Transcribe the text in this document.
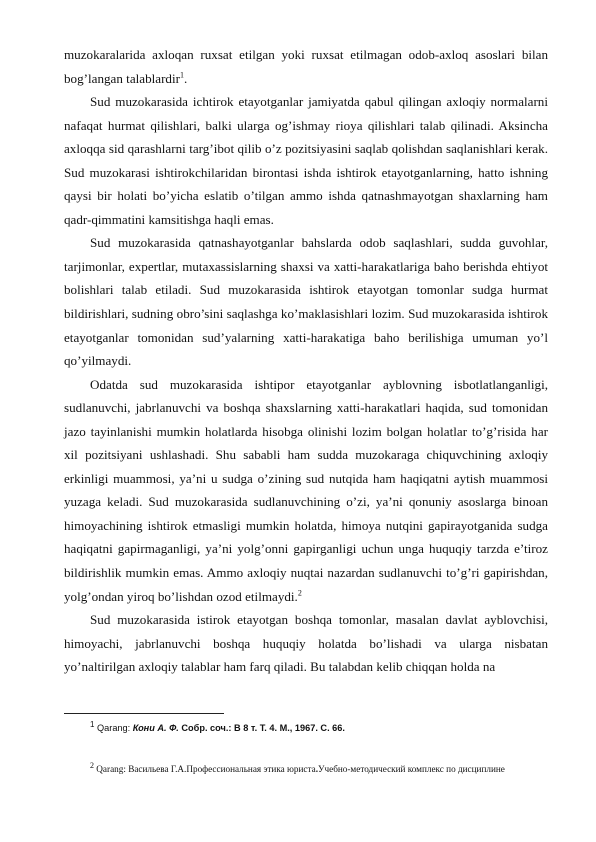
muzokaralarida axloqan ruxsat etilgan yoki ruxsat etilmagan odob-axloq asoslari bilan bog’langan talablardir$^1$.

Sud muzokarasida ichtirok etayotganlar jamiyatda qabul qilingan axloqiy normalarni nafaqat hurmat qilishlari, balki ularga og’ishmay rioya qilishlari talab qilinadi. Aksincha axloqqa sid qarashlarni targ’ibot qilib o’z pozitsiyasini saqlab qolishdan saqlanishlari kerak. Sud muzokarasi ishtirokchilaridan birontasi ishda ishtirok etayotganlarning, hatto ishning qaysi bir holati bo’yicha eslatib o’tilgan ammo ishda qatnashmayotgan shaxlarning ham qadr-qimmatini kamsitishga haqli emas.

Sud muzokarasida qatnashayotganlar bahslarda odob saqlashlari, sudda guvohlar, tarjimonlar, expertlar, mutaxassislarning shaxsi va xatti-harakatlariga baho berishda ehtiyot bolishlari talab etiladi. Sud muzokarasida ishtirok etayotgan tomonlar sudga hurmat bildirishlari, sudning obro’sini saqlashga ko’maklasishlari lozim. Sud muzokarasida ishtirok etayotganlar tomonidan sud’yalarning xatti-harakatiga baho berilishiga umuman yo’l qo’yilmaydi.

Odatda sud muzokarasida ishtipor etayotganlar ayblovning isbotlatlanganligi, sudlanuvchi, jabrlanuvchi va boshqa shaxslarning xatti-harakatlari haqida, sud tomonidan jazo tayinlanishi mumkin holatlarda hisobga olinishi lozim bolgan holatlar to’g’risida har xil pozitsiyani ushlashadi. Shu sababli ham sudda muzokaraga chiquvchining axloqiy erkinligi muammosi, ya’ni u sudga o’zining sud nutqida ham haqiqatni aytish muammosi yuzaga keladi. Sud muzokarasida sudlanuvchining o’zi, ya’ni qonuniy asoslarga binoan himoyachining ishtirok etmasligi mumkin holatda, himoya nutqini gapirayotganida sudga haqiqatni gapirmaganligi, ya’ni yolg’onni gapirganligi uchun unga huquqiy tarzda e’tiroz bildirishlik mumkin emas. Ammo axloqiy nuqtai nazardan sudlanuvchi to’g’ri gapirishdan, yolg’ondan yiroq bo’lishdan ozod etilmaydi.$^2$

Sud muzokarasida istirok etayotgan boshqa tomonlar, masalan davlat ayblovchisi, himoyachi, jabrlanuvchi boshqa huquqiy holatda bo’lishadi va ularga nisbatan yo’naltirilgan axloqiy talablar ham farq qiladi. Bu talabdan kelib chiqqan holda na

$^1$ Qarang: Кони А. Ф. Собр. соч.: В 8 т. Т. 4. М., 1967. С. 66.
$^2$ Qarang: Васильева Г.А.Профессиональная этика юриста.Учебно-методический комплекс по дисциплине
